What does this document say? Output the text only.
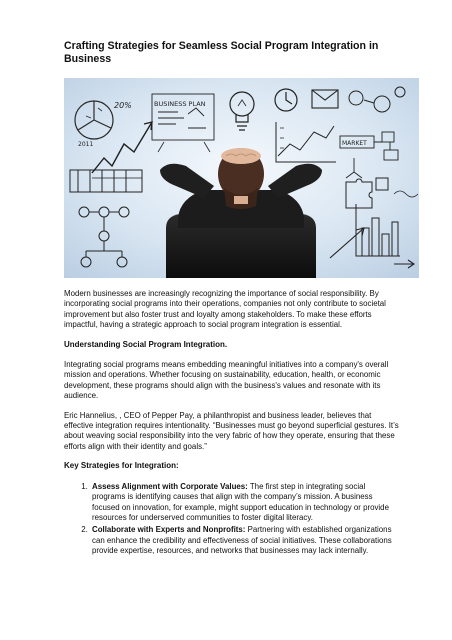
Crafting Strategies for Seamless Social Program Integration in Business
20%
2011
BUSINESS PLAN
MARKET

Modern businesses are increasingly recognizing the importance of social responsibility. By incorporating social programs into their operations, companies not only contribute to societal improvement but also foster trust and loyalty among stakeholders. To make these efforts impactful, having a strategic approach to social program integration is essential.

Understanding Social Program Integration.

Integrating social programs means embedding meaningful initiatives into a company's overall mission and operations. Whether focusing on sustainability, education, health, or economic development, these programs should align with the business's values and resonate with its audience.

Eric Hannelius, , CEO of Pepper Pay, a philanthropist and business leader, believes that effective integration requires intentionality. “Businesses must go beyond superficial gestures. It’s about weaving social responsibility into the very fabric of how they operate, ensuring that these efforts align with their identity and goals.”

Key Strategies for Integration:
1. Assess Alignment with Corporate Values: The first step in integrating social programs is identifying causes that align with the company’s mission. A business focused on innovation, for example, might support education in technology or provide resources for underserved communities to foster digital literacy.
2. Collaborate with Experts and Nonprofits: Partnering with established organizations can enhance the credibility and effectiveness of social initiatives. These collaborations provide expertise, resources, and networks that businesses may lack internally.
